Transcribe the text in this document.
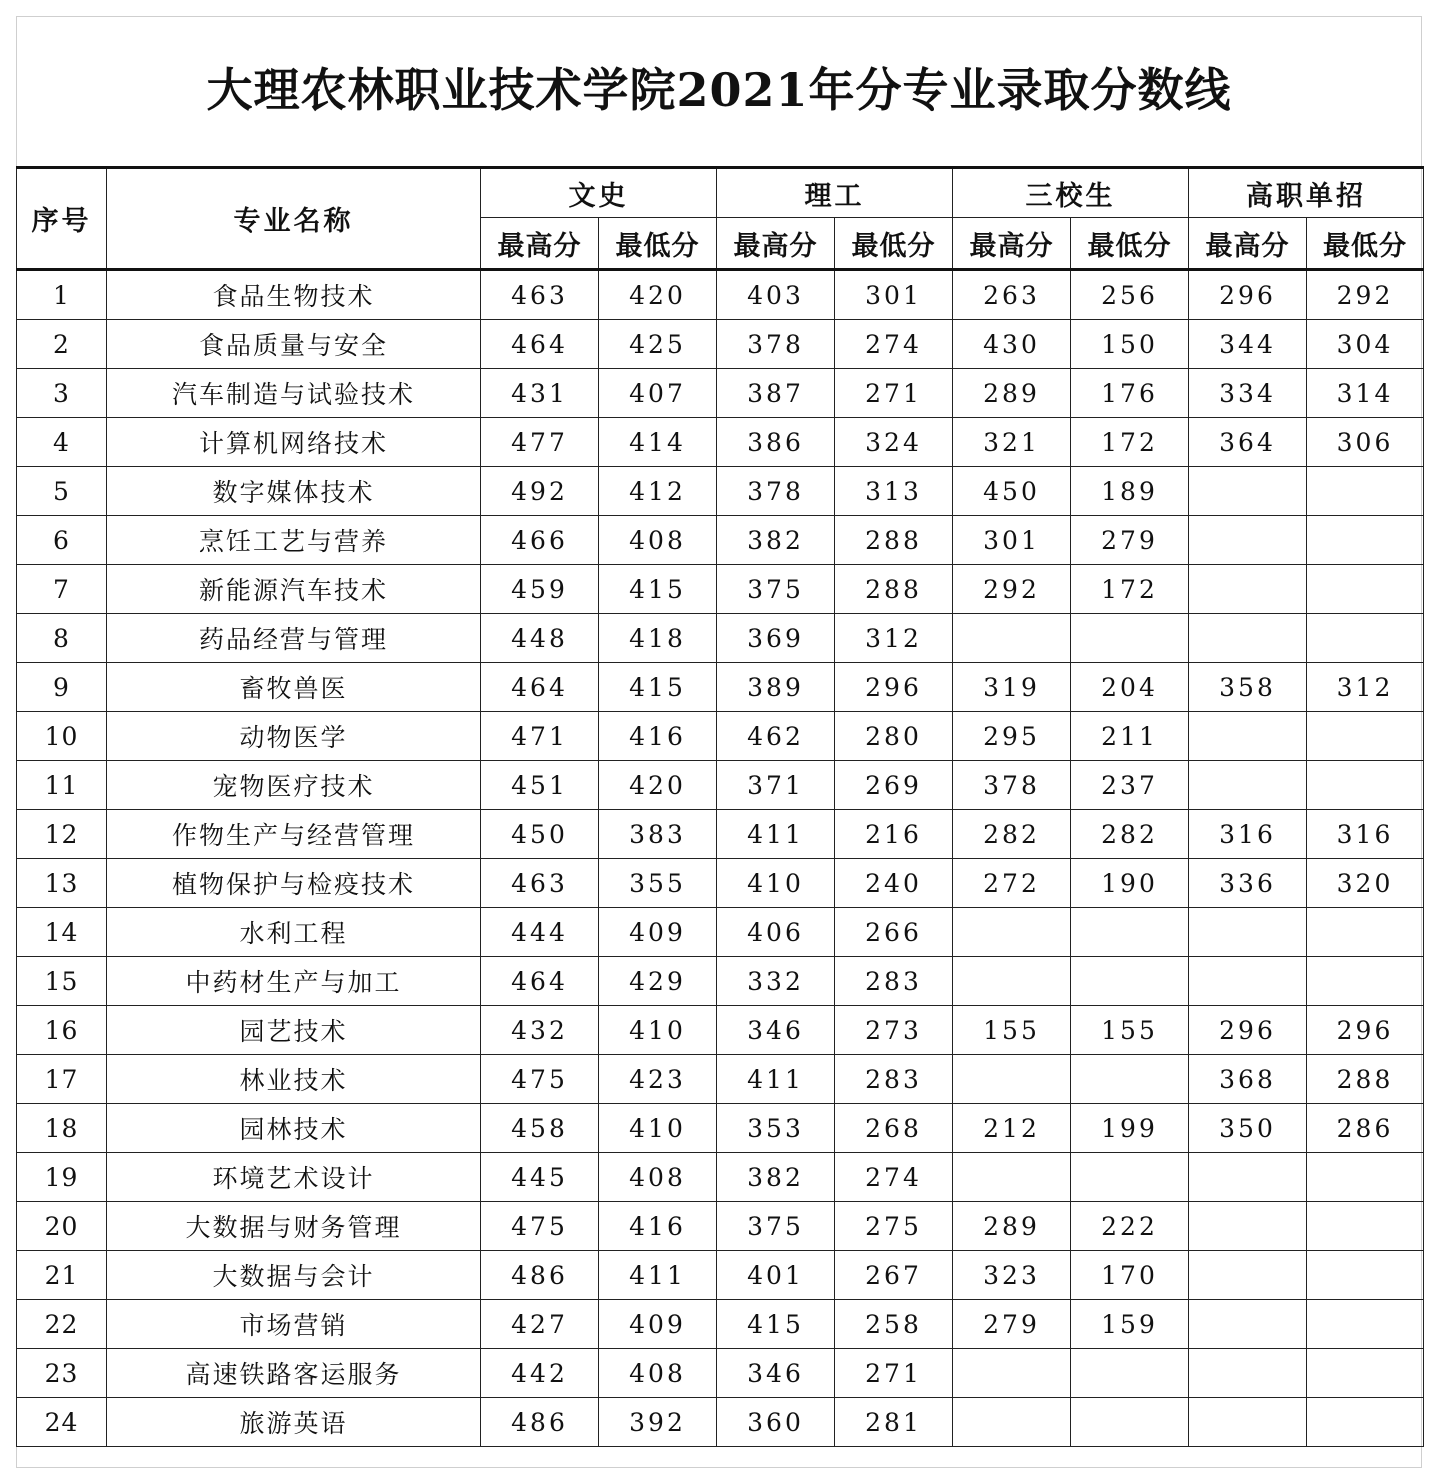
大理农林职业技术学院2021年分专业录取分数线
序号	专业名称	文史		理工		三校生		高职单招	
		最高分	最低分	最高分	最低分	最高分	最低分	最高分	最低分
1	食品生物技术	463	420	403	301	263	256	296	292
2	食品质量与安全	464	425	378	274	430	150	344	304
3	汽车制造与试验技术	431	407	387	271	289	176	334	314
4	计算机网络技术	477	414	386	324	321	172	364	306
5	数字媒体技术	492	412	378	313	450	189		
6	烹饪工艺与营养	466	408	382	288	301	279		
7	新能源汽车技术	459	415	375	288	292	172		
8	药品经营与管理	448	418	369	312				
9	畜牧兽医	464	415	389	296	319	204	358	312
10	动物医学	471	416	462	280	295	211		
11	宠物医疗技术	451	420	371	269	378	237		
12	作物生产与经营管理	450	383	411	216	282	282	316	316
13	植物保护与检疫技术	463	355	410	240	272	190	336	320
14	水利工程	444	409	406	266				
15	中药材生产与加工	464	429	332	283				
16	园艺技术	432	410	346	273	155	155	296	296
17	林业技术	475	423	411	283			368	288
18	园林技术	458	410	353	268	212	199	350	286
19	环境艺术设计	445	408	382	274				
20	大数据与财务管理	475	416	375	275	289	222		
21	大数据与会计	486	411	401	267	323	170		
22	市场营销	427	409	415	258	279	159		
23	高速铁路客运服务	442	408	346	271				
24	旅游英语	486	392	360	281				
